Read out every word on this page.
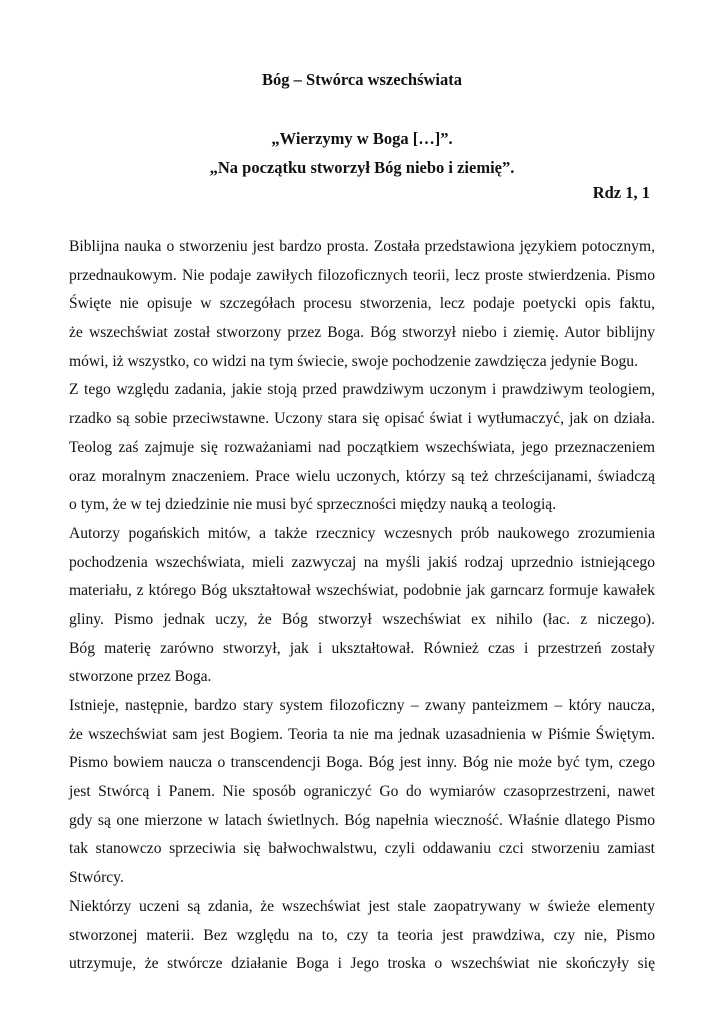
Bóg – Stwórca wszechświata
„Wierzymy w Boga […]”.
„Na początku stworzył Bóg niebo i ziemię”.
Rdz 1, 1
Biblijna nauka o stworzeniu jest bardzo prosta. Została przedstawiona językiem potocznym,
przednaukowym. Nie podaje zawiłych filozoficznych teorii, lecz proste stwierdzenia. Pismo
Święte nie opisuje w szczegółach procesu stworzenia, lecz podaje poetycki opis faktu,
że wszechświat został stworzony przez Boga. Bóg stworzył niebo i ziemię. Autor biblijny
mówi, iż wszystko, co widzi na tym świecie, swoje pochodzenie zawdzięcza jedynie Bogu.
Z tego względu zadania, jakie stoją przed prawdziwym uczonym i prawdziwym teologiem,
rzadko są sobie przeciwstawne. Uczony stara się opisać świat i wytłumaczyć, jak on działa.
Teolog zaś zajmuje się rozważaniami nad początkiem wszechświata, jego przeznaczeniem
oraz moralnym znaczeniem. Prace wielu uczonych, którzy są też chrześcijanami, świadczą
o tym, że w tej dziedzinie nie musi być sprzeczności między nauką a teologią.
Autorzy pogańskich mitów, a także rzecznicy wczesnych prób naukowego zrozumienia
pochodzenia wszechświata, mieli zazwyczaj na myśli jakiś rodzaj uprzednio istniejącego
materiału, z którego Bóg ukształtował wszechświat, podobnie jak garncarz formuje kawałek
gliny. Pismo jednak uczy, że Bóg stworzył wszechświat ex nihilo (łac. z niczego).
Bóg materię zarówno stworzył, jak i ukształtował. Również czas i przestrzeń zostały
stworzone przez Boga.
Istnieje, następnie, bardzo stary system filozoficzny – zwany panteizmem – który naucza,
że wszechświat sam jest Bogiem. Teoria ta nie ma jednak uzasadnienia w Piśmie Świętym.
Pismo bowiem naucza o transcendencji Boga. Bóg jest inny. Bóg nie może być tym, czego
jest Stwórcą i Panem. Nie sposób ograniczyć Go do wymiarów czasoprzestrzeni, nawet
gdy są one mierzone w latach świetlnych. Bóg napełnia wieczność. Właśnie dlatego Pismo
tak stanowczo sprzeciwia się bałwochwalstwu, czyli oddawaniu czci stworzeniu zamiast
Stwórcy.
Niektórzy uczeni są zdania, że wszechświat jest stale zaopatrywany w świeże elementy
stworzonej materii. Bez względu na to, czy ta teoria jest prawdziwa, czy nie, Pismo
utrzymuje, że stwórcze działanie Boga i Jego troska o wszechświat nie skończyły się
